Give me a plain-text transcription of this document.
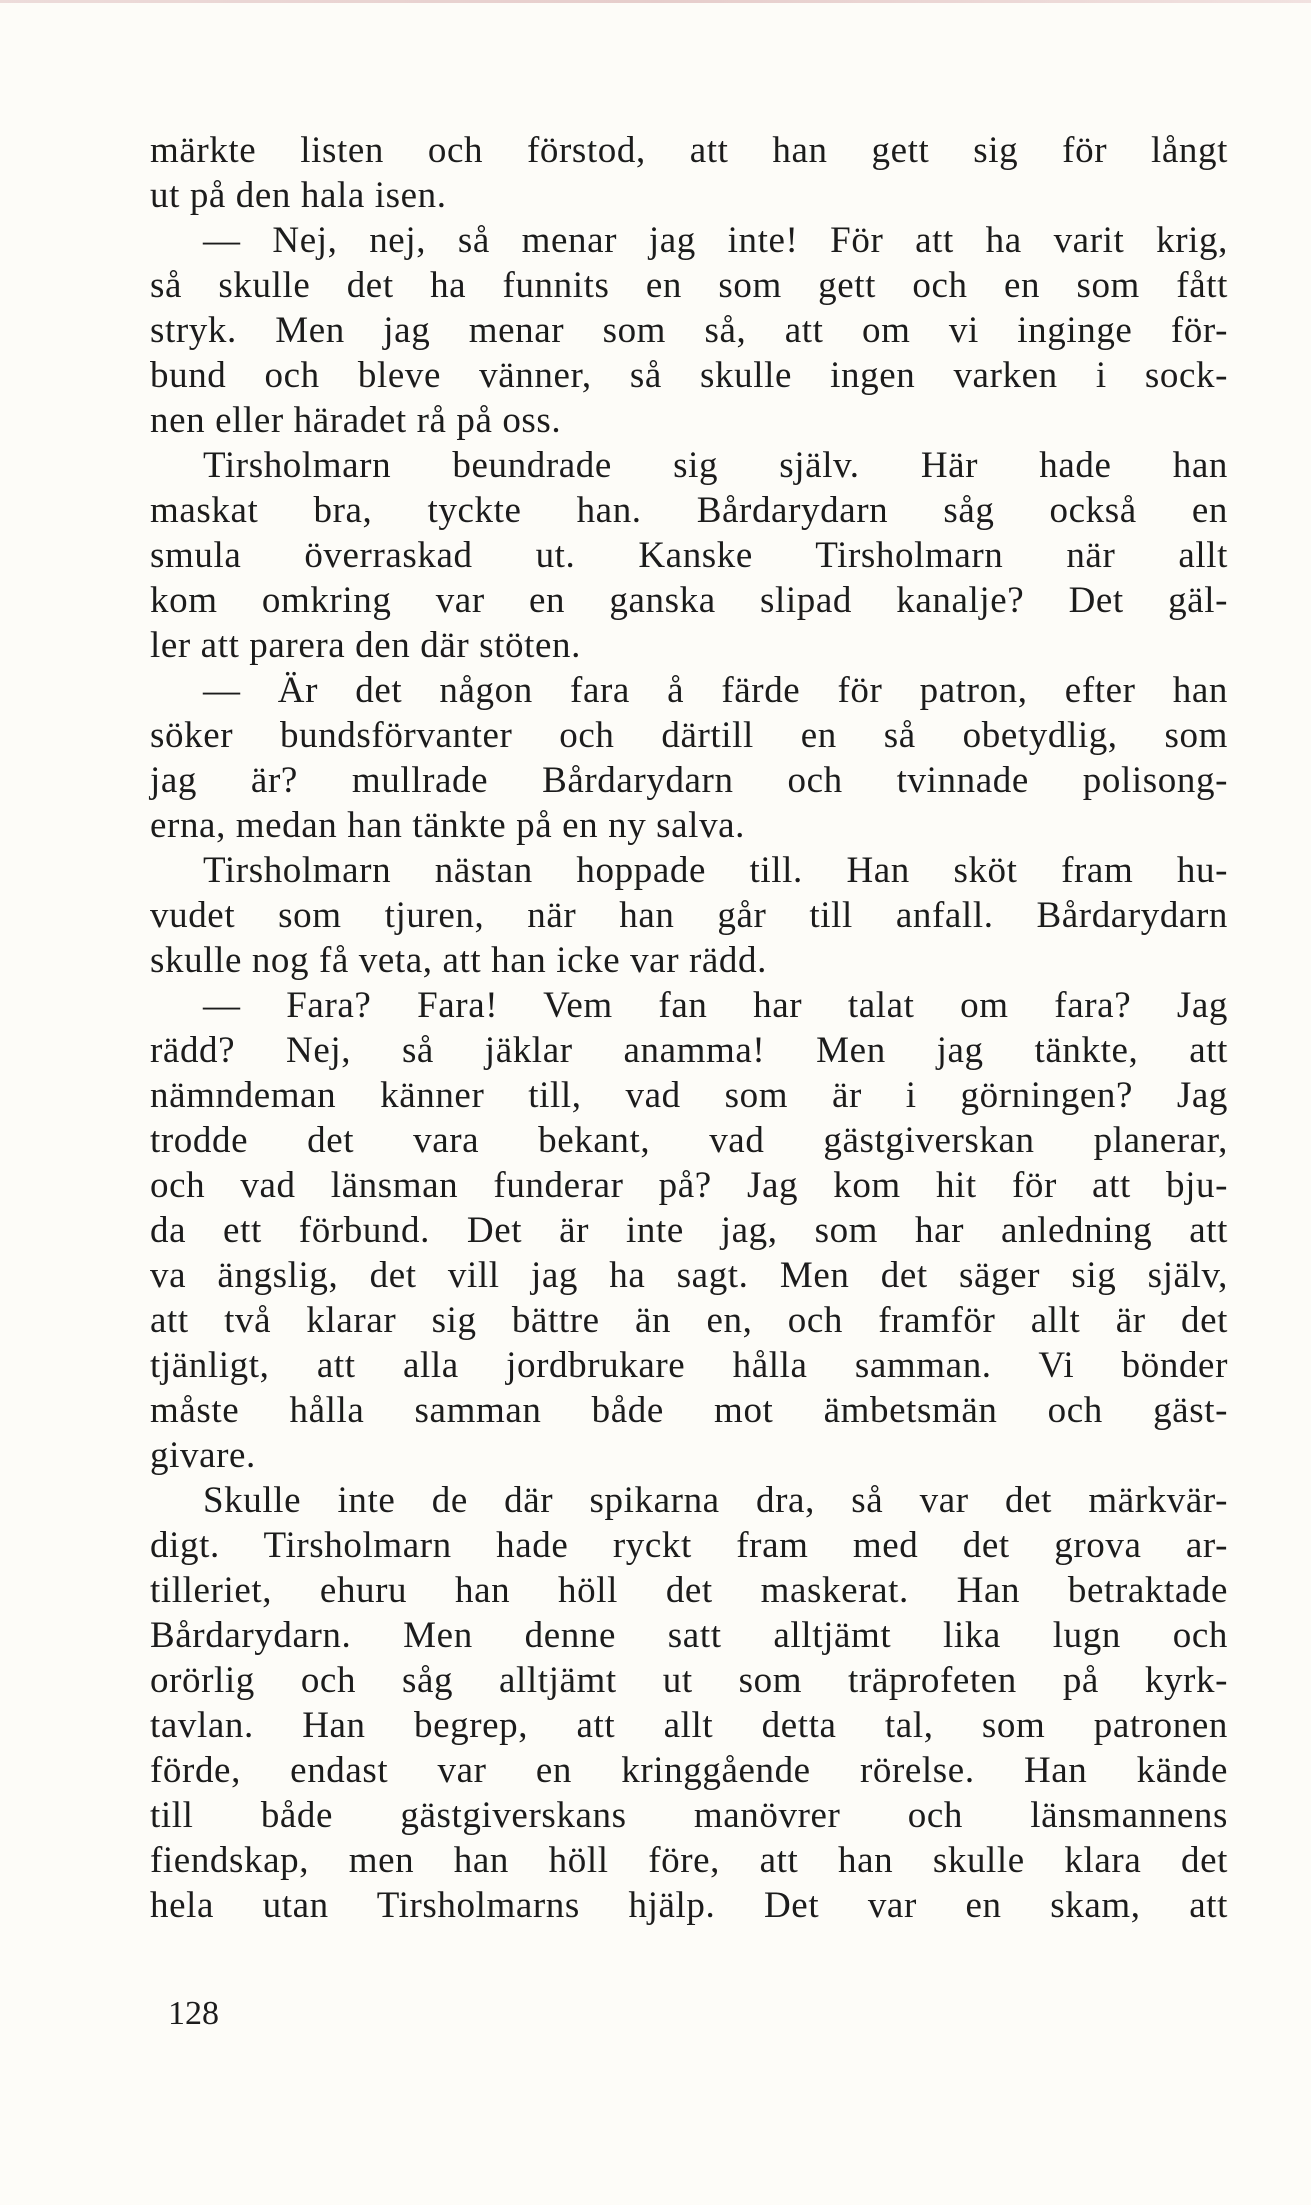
märkte listen och förstod, att han gett sig för långt
ut på den hala isen.
— Nej, nej, så menar jag inte! För att ha varit krig,
så skulle det ha funnits en som gett och en som fått
stryk. Men jag menar som så, att om vi inginge för-
bund och bleve vänner, så skulle ingen varken i sock-
nen eller häradet rå på oss.
Tirsholmarn beundrade sig själv. Här hade han
maskat bra, tyckte han. Bårdarydarn såg också en
smula överraskad ut. Kanske Tirsholmarn när allt
kom omkring var en ganska slipad kanalje? Det gäl-
ler att parera den där stöten.
— Är det någon fara å färde för patron, efter han
söker bundsförvanter och därtill en så obetydlig, som
jag är? mullrade Bårdarydarn och tvinnade polisong-
erna, medan han tänkte på en ny salva.
Tirsholmarn nästan hoppade till. Han sköt fram hu-
vudet som tjuren, när han går till anfall. Bårdarydarn
skulle nog få veta, att han icke var rädd.
— Fara? Fara! Vem fan har talat om fara? Jag
rädd? Nej, så jäklar anamma! Men jag tänkte, att
nämndeman känner till, vad som är i görningen? Jag
trodde det vara bekant, vad gästgiverskan planerar,
och vad länsman funderar på? Jag kom hit för att bju-
da ett förbund. Det är inte jag, som har anledning att
va ängslig, det vill jag ha sagt. Men det säger sig själv,
att två klarar sig bättre än en, och framför allt är det
tjänligt, att alla jordbrukare hålla samman. Vi bönder
måste hålla samman både mot ämbetsmän och gäst-
givare.
Skulle inte de där spikarna dra, så var det märkvär-
digt. Tirsholmarn hade ryckt fram med det grova ar-
tilleriet, ehuru han höll det maskerat. Han betraktade
Bårdarydarn. Men denne satt alltjämt lika lugn och
orörlig och såg alltjämt ut som träprofeten på kyrk-
tavlan. Han begrep, att allt detta tal, som patronen
förde, endast var en kringgående rörelse. Han kände
till både gästgiverskans manövrer och länsmannens
fiendskap, men han höll före, att han skulle klara det
hela utan Tirsholmarns hjälp. Det var en skam, att
128
